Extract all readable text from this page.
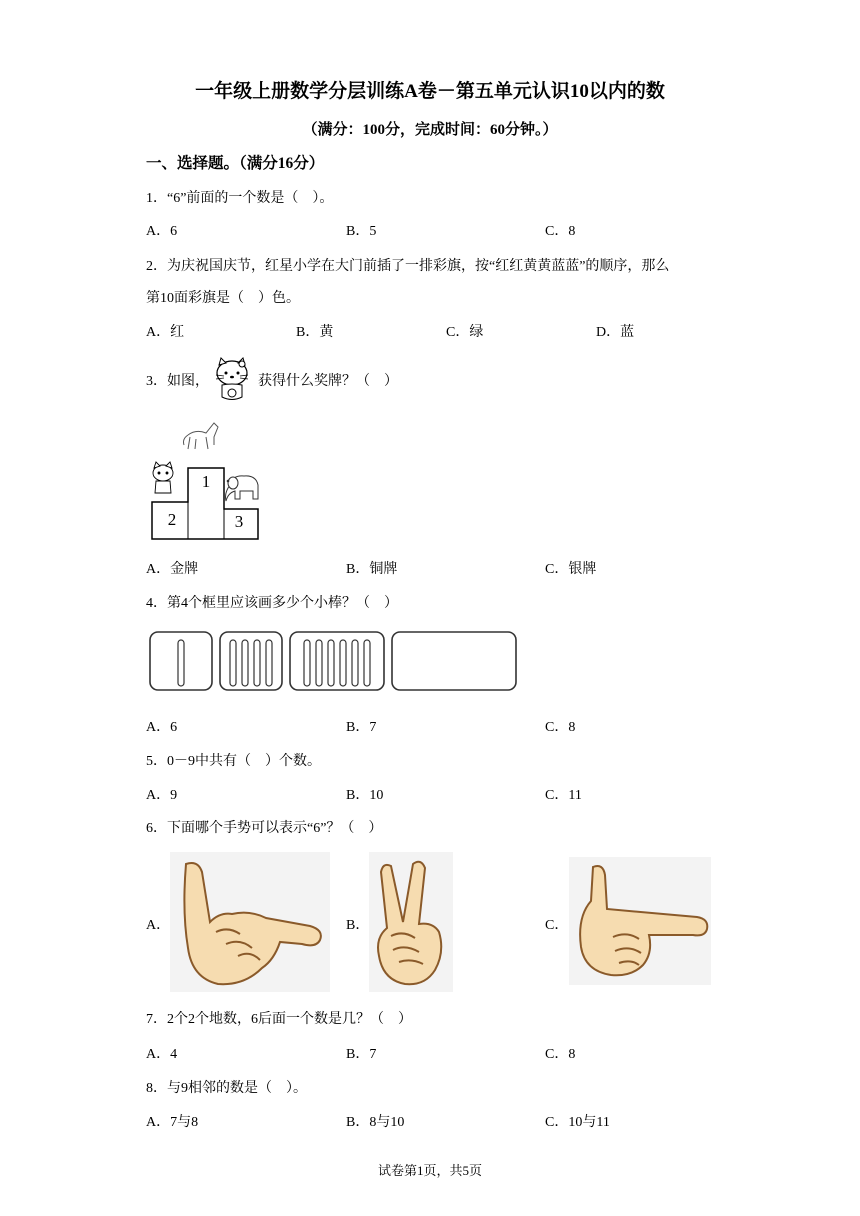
一年级上册数学分层训练A卷－第五单元认识10以内的数
（满分：100分，完成时间：60分钟。）
一、选择题。（满分16分）
1．“6”前面的一个数是（　）。
A．6	B．5	C．8
2．为庆祝国庆节，红星小学在大门前插了一排彩旗，按“红红黄黄蓝蓝”的顺序，那么
第10面彩旗是（　）色。
A．红	B．黄	C．绿	D．蓝
3．如图，	获得什么奖牌？（　）
1
2	3
A．金牌	B．铜牌	C．银牌
4．第4个框里应该画多少个小棒？（　）
A．6	B．7	C．8
5．0－9中共有（　）个数。
A．9	B．10	C．11
6．下面哪个手势可以表示“6”？（　）
A．	B．	C．
7．2个2个地数，6后面一个数是几？（　）
A．4	B．7	C．8
8．与9相邻的数是（　）。
A．7与8	B．8与10	C．10与11
试卷第1页，共5页
